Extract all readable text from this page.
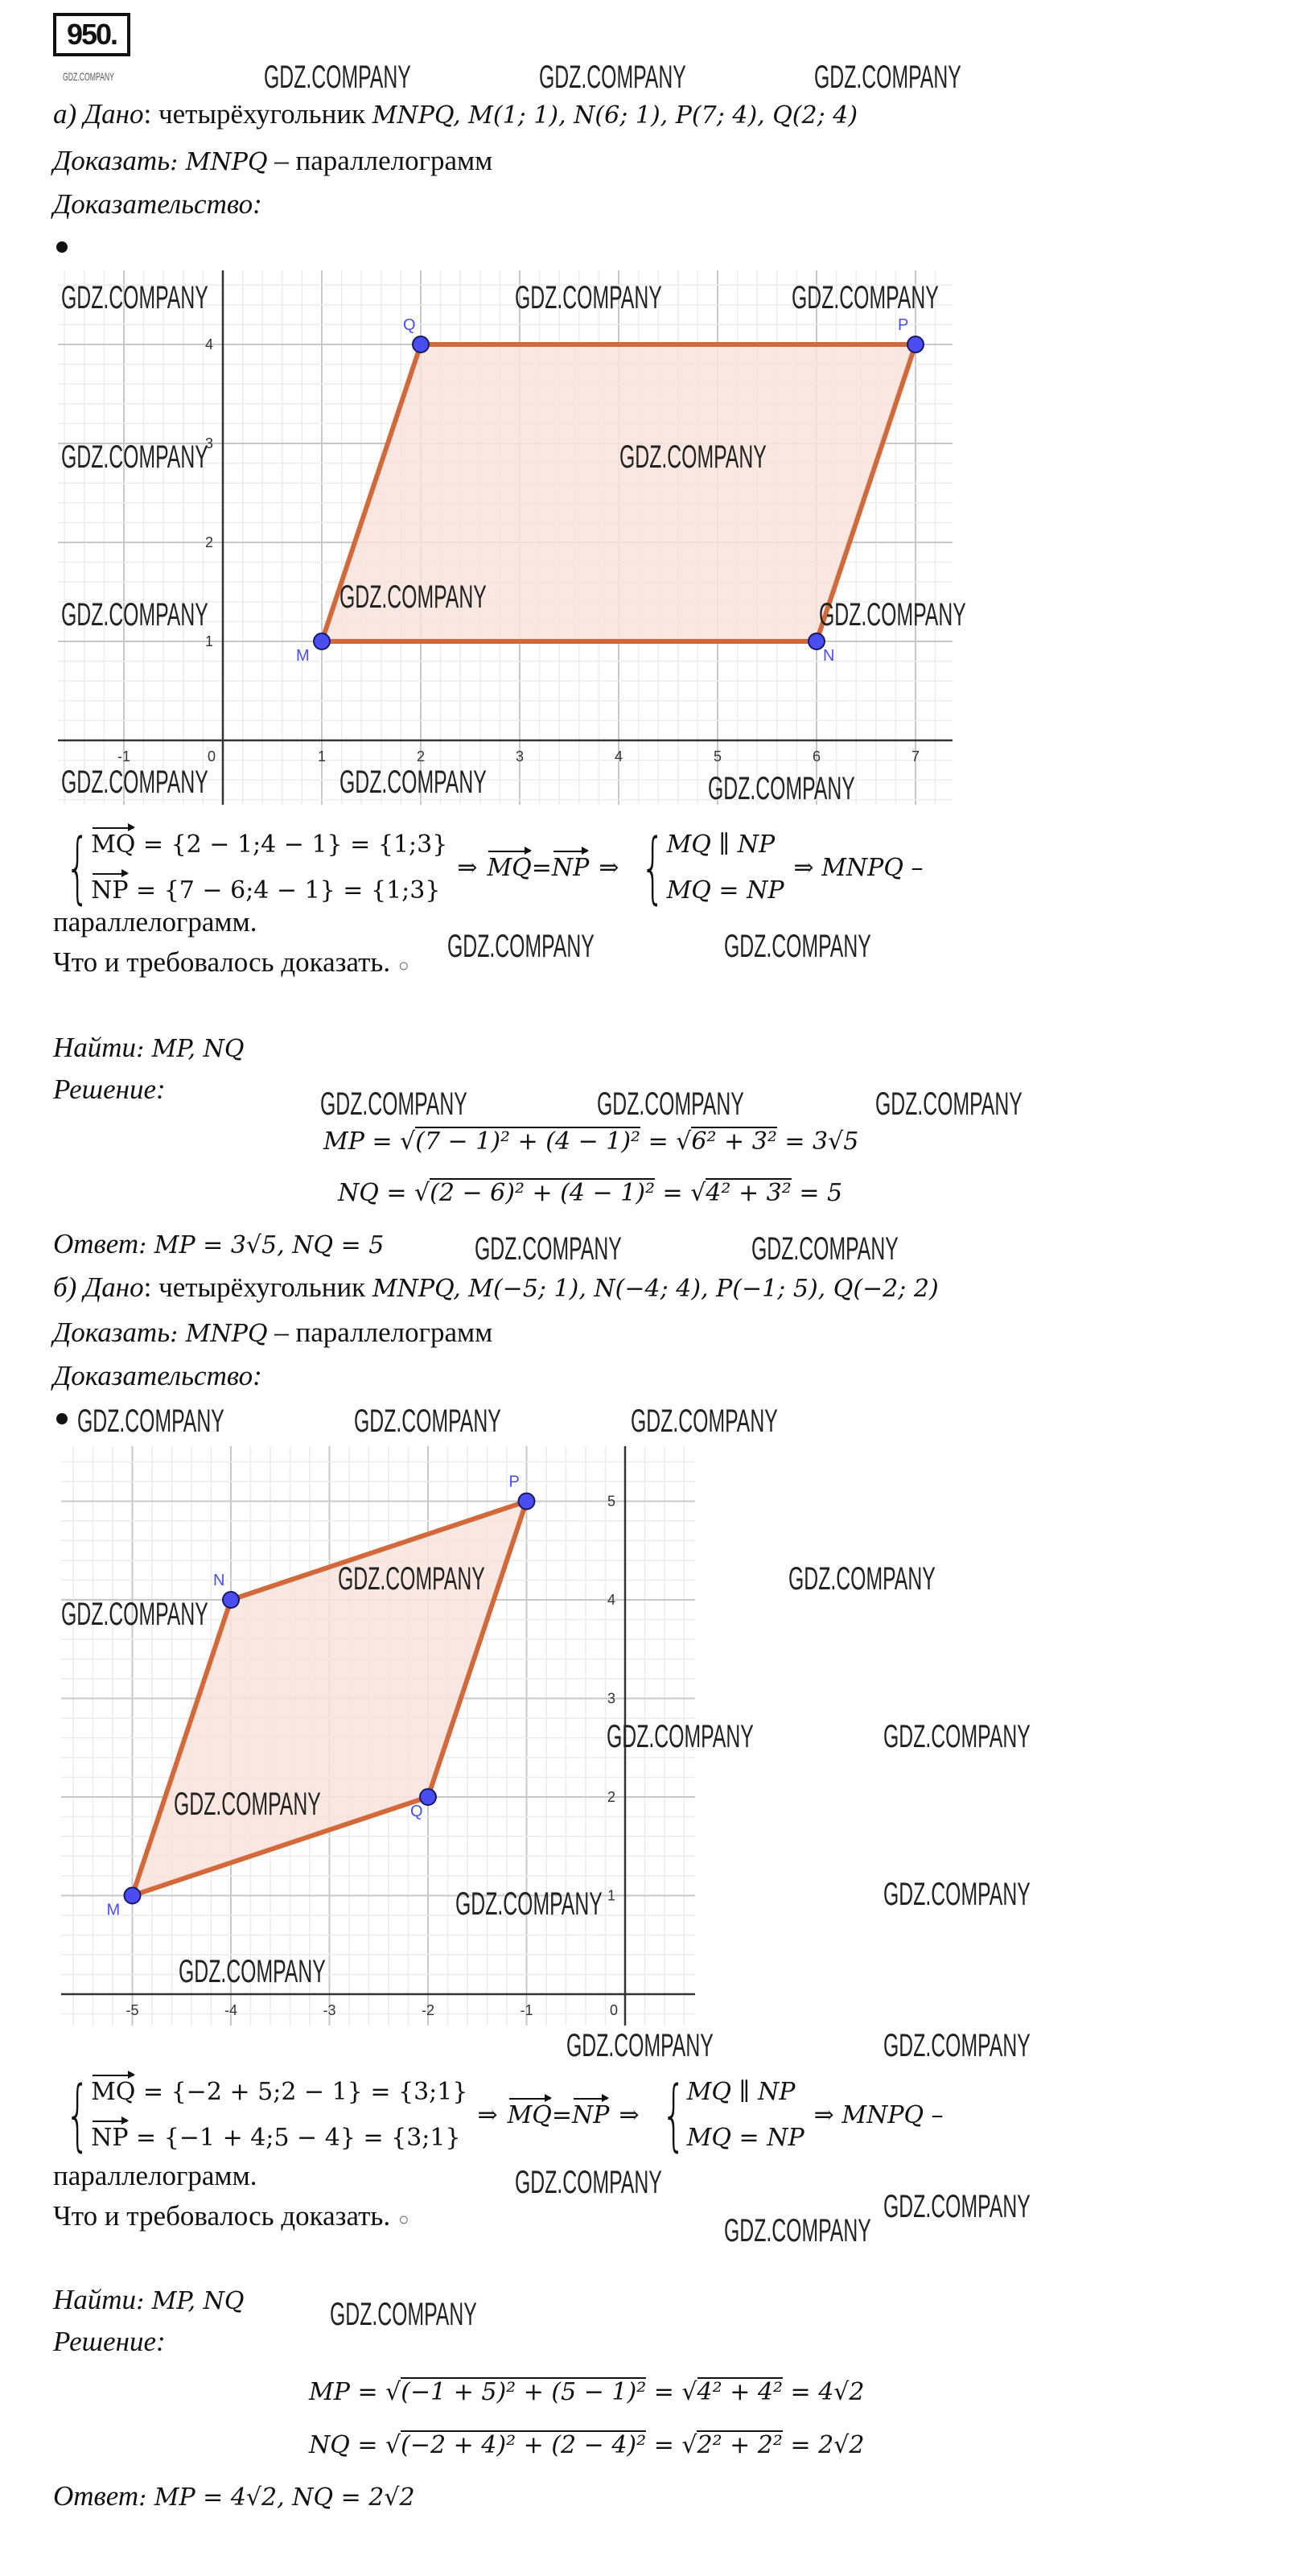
950.
а) Дано: четырёхугольник MNPQ, M(1; 1), N(6; 1), P(7; 4), Q(2; 4)
Доказать: MNPQ – параллелограмм
Доказательство:
-1	0	1	2	3	4	5	6	7
1
2
3
4
M	N
P
Q
{ MQ = {2 − 1;4 − 1} = {1;3}
NP = {7 − 6;4 − 1} = {1;3}
⇒ MQ = NP ⇒ { MQ ∥ NP
MQ = NP
⇒ MNPQ –
параллелограмм.
Что и требовалось доказать. ○
Найти: MP, NQ
Решение:
MP = √(7 − 1)² + (4 − 1)² = √6² + 3² = 3√5
NQ = √(2 − 6)² + (4 − 1)² = √4² + 3² = 5
Ответ: MP = 3√5, NQ = 5
б) Дано: четырёхугольник MNPQ, M(−5; 1), N(−4; 4), P(−1; 5), Q(−2; 2)
Доказать: MNPQ – параллелограмм
Доказательство:
-5	-4	-3	-2	-1	0
1
2
3
4
5
M
N
P
Q
{ MQ = {−2 + 5;2 − 1} = {3;1}
NP = {−1 + 4;5 − 4} = {3;1}
⇒ MQ = NP ⇒ { MQ ∥ NP
MQ = NP
⇒ MNPQ –
параллелограмм.
Что и требовалось доказать. ○
Найти: MP, NQ
Решение:
MP = √(−1 + 5)² + (5 − 1)² = √4² + 4² = 4√2
NQ = √(−2 + 4)² + (2 − 4)² = √2² + 2² = 2√2
Ответ: MP = 4√2, NQ = 2√2
GDZ.COMPANY	GDZ.COMPANY	GDZ.COMPANY
GDZ.COMPANY
GDZ.COMPANY	GDZ.COMPANY	GDZ.COMPANY
GDZ.COMPANY	GDZ.COMPANY
GDZ.COMPANY
GDZ.COMPANY	GDZ.COMPANY
GDZ.COMPANY	GDZ.COMPANY	GDZ.COMPANY
GDZ.COMPANY	GDZ.COMPANY
GDZ.COMPANY	GDZ.COMPANY	GDZ.COMPANY
GDZ.COMPANY	GDZ.COMPANY
GDZ.COMPANY	GDZ.COMPANY	GDZ.COMPANY
GDZ.COMPANY	GDZ.COMPANY
GDZ.COMPANY
GDZ.COMPANY	GDZ.COMPANY
GDZ.COMPANY
GDZ.COMPANY	GDZ.COMPANY
GDZ.COMPANY
GDZ.COMPANY	GDZ.COMPANY
GDZ.COMPANY
GDZ.COMPANY
GDZ.COMPANY
GDZ.COMPANY
